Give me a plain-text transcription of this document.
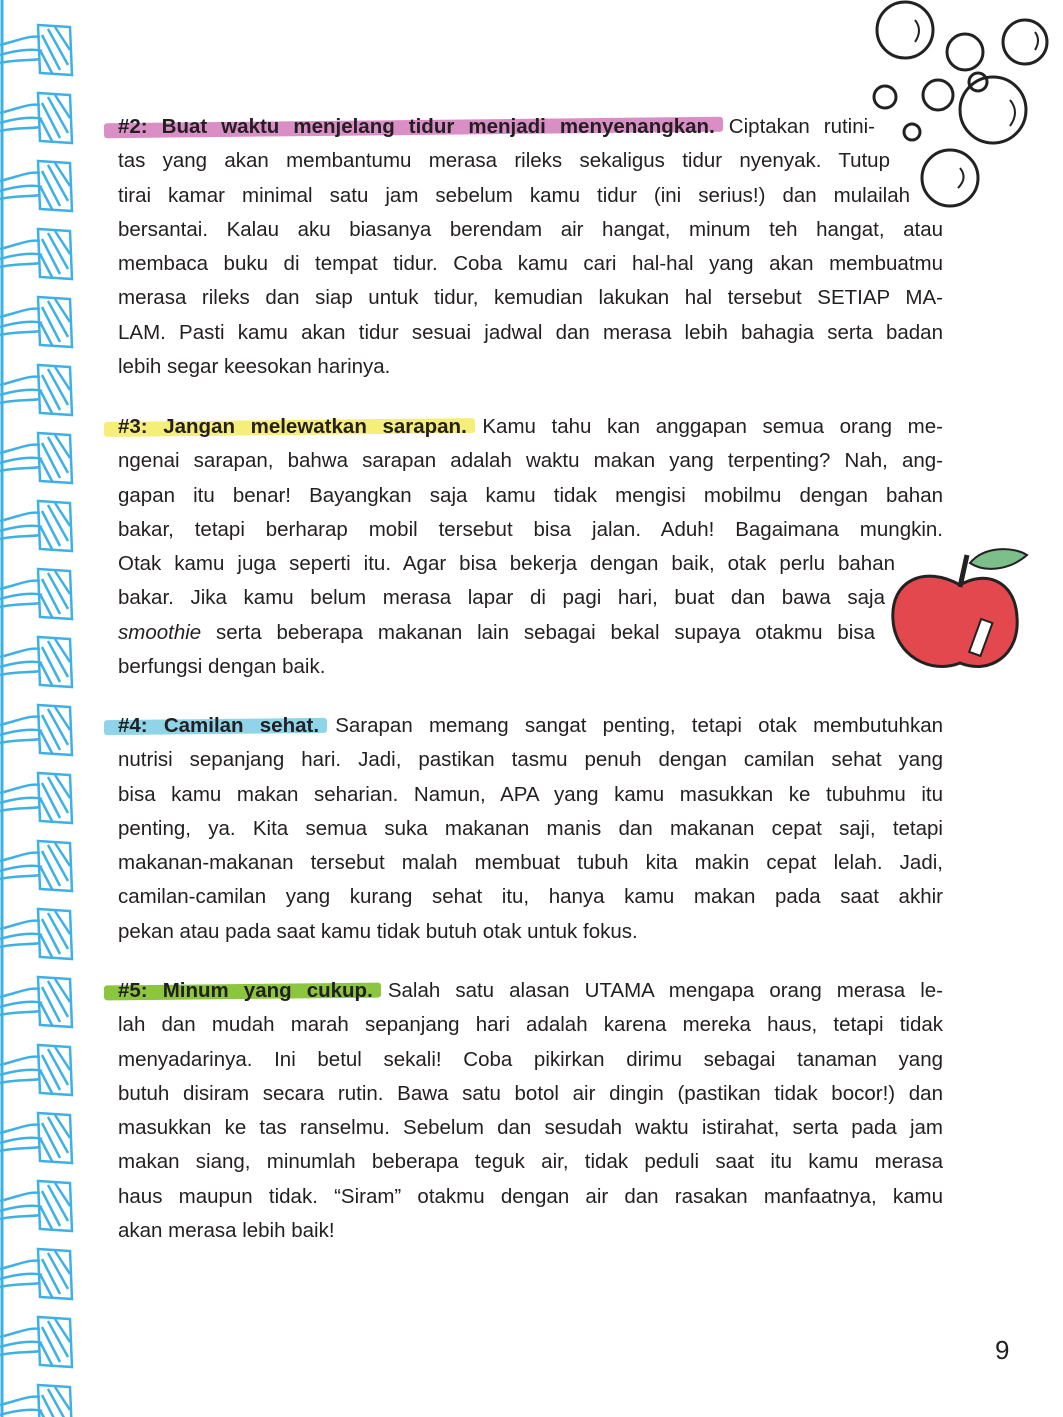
#2: Buat waktu menjelang tidur menjadi menyenangkan. Ciptakan rutini-
tas yang akan membantumu merasa rileks sekaligus tidur nyenyak. Tutup
tirai kamar minimal satu jam sebelum kamu tidur (ini serius!) dan mulailah
bersantai. Kalau aku biasanya berendam air hangat, minum teh hangat, atau
membaca buku di tempat tidur. Coba kamu cari hal-hal yang akan membuatmu
merasa rileks dan siap untuk tidur, kemudian lakukan hal tersebut SETIAP MA-
LAM. Pasti kamu akan tidur sesuai jadwal dan merasa lebih bahagia serta badan
lebih segar keesokan harinya.
#3: Jangan melewatkan sarapan. Kamu tahu kan anggapan semua orang me-
ngenai sarapan, bahwa sarapan adalah waktu makan yang terpenting? Nah, ang-
gapan itu benar! Bayangkan saja kamu tidak mengisi mobilmu dengan bahan
bakar, tetapi berharap mobil tersebut bisa jalan. Aduh! Bagaimana mungkin.
Otak kamu juga seperti itu. Agar bisa bekerja dengan baik, otak perlu bahan
bakar. Jika kamu belum merasa lapar di pagi hari, buat dan bawa saja
smoothie serta beberapa makanan lain sebagai bekal supaya otakmu bisa
berfungsi dengan baik.
#4: Camilan sehat. Sarapan memang sangat penting, tetapi otak membutuhkan
nutrisi sepanjang hari. Jadi, pastikan tasmu penuh dengan camilan sehat yang
bisa kamu makan seharian. Namun, APA yang kamu masukkan ke tubuhmu itu
penting, ya. Kita semua suka makanan manis dan makanan cepat saji, tetapi
makanan-makanan tersebut malah membuat tubuh kita makin cepat lelah. Jadi,
camilan-camilan yang kurang sehat itu, hanya kamu makan pada saat akhir
pekan atau pada saat kamu tidak butuh otak untuk fokus.
#5: Minum yang cukup. Salah satu alasan UTAMA mengapa orang merasa le-
lah dan mudah marah sepanjang hari adalah karena mereka haus, tetapi tidak
menyadarinya. Ini betul sekali! Coba pikirkan dirimu sebagai tanaman yang
butuh disiram secara rutin. Bawa satu botol air dingin (pastikan tidak bocor!) dan
masukkan ke tas ranselmu. Sebelum dan sesudah waktu istirahat, serta pada jam
makan siang, minumlah beberapa teguk air, tidak peduli saat itu kamu merasa
haus maupun tidak. “Siram” otakmu dengan air dan rasakan manfaatnya, kamu
akan merasa lebih baik!
9
